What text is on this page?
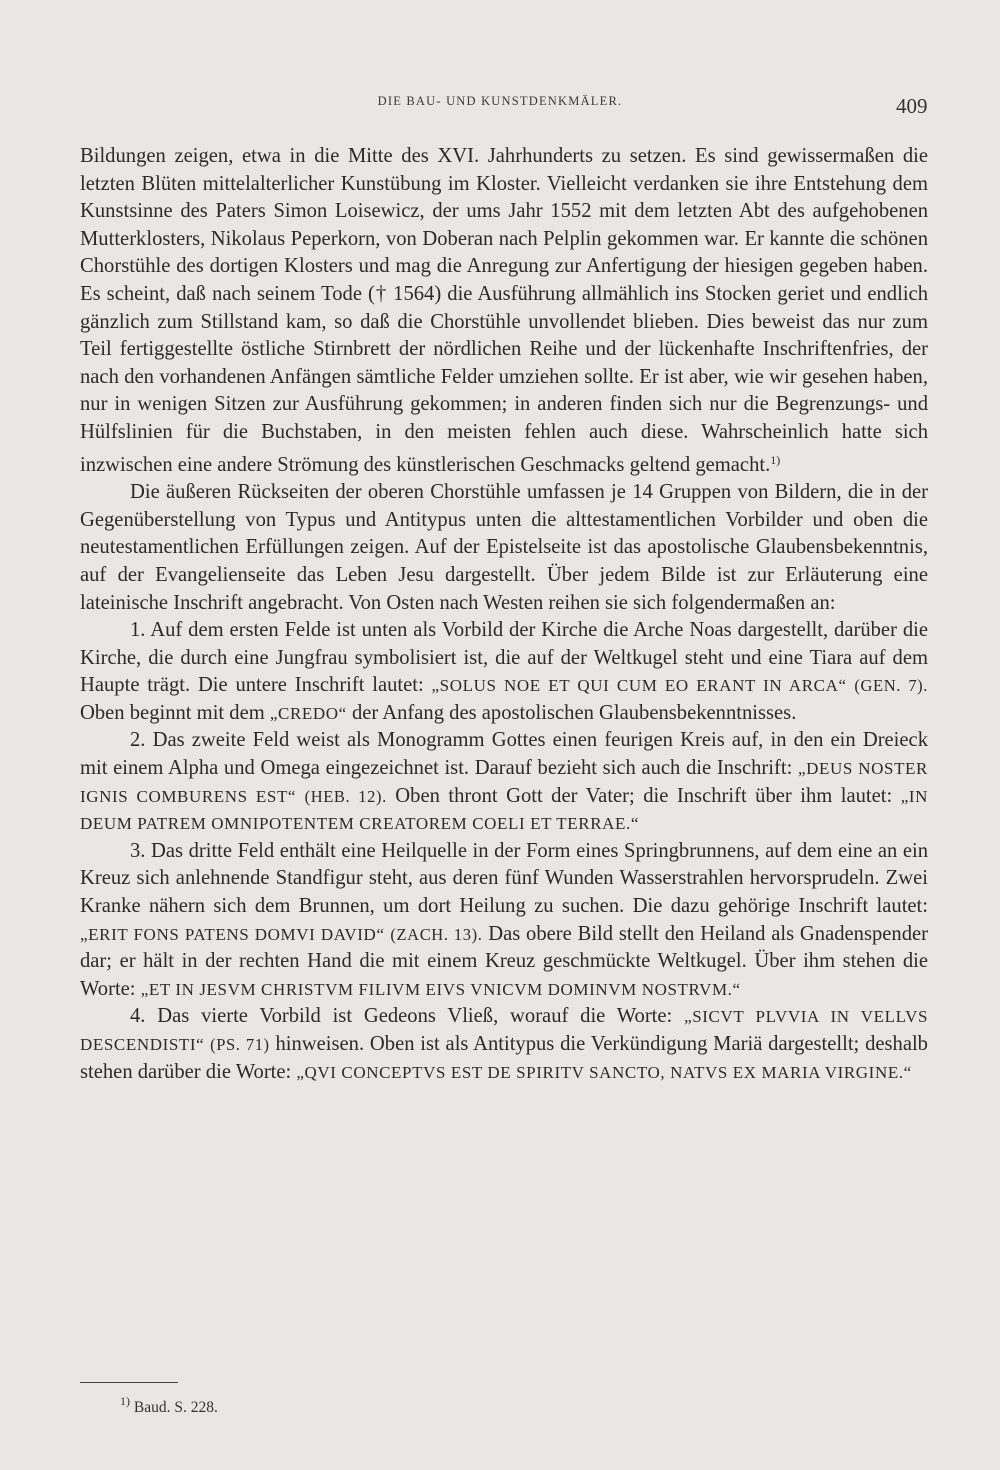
DIE BAU- UND KUNSTDENKMÄLER.	409

Bildungen zeigen, etwa in die Mitte des XVI. Jahrhunderts zu setzen. Es sind gewissermaßen die letzten Blüten mittelalterlicher Kunstübung im Kloster. Vielleicht verdanken sie ihre Entstehung dem Kunstsinne des Paters Simon Loisewicz, der ums Jahr 1552 mit dem letzten Abt des aufgehobenen Mutterklosters, Nikolaus Peperkorn, von Doberan nach Pelplin gekommen war. Er kannte die schönen Chorstühle des dortigen Klosters und mag die Anregung zur Anfertigung der hiesigen gegeben haben. Es scheint, daß nach seinem Tode († 1564) die Ausführung allmählich ins Stocken geriet und endlich gänzlich zum Stillstand kam, so daß die Chorstühle unvollendet blieben. Dies beweist das nur zum Teil fertiggestellte östliche Stirnbrett der nördlichen Reihe und der lückenhafte Inschriftenfries, der nach den vorhandenen Anfängen sämtliche Felder umziehen sollte. Er ist aber, wie wir gesehen haben, nur in wenigen Sitzen zur Ausführung gekommen; in anderen finden sich nur die Begrenzungs- und Hülfslinien für die Buchstaben, in den meisten fehlen auch diese. Wahrscheinlich hatte sich inzwischen eine andere Strömung des künstlerischen Geschmacks geltend gemacht.$^{1)}$

Die äußeren Rückseiten der oberen Chorstühle umfassen je 14 Gruppen von Bildern, die in der Gegenüberstellung von Typus und Antitypus unten die alttestamentlichen Vorbilder und oben die neutestamentlichen Erfüllungen zeigen. Auf der Epistelseite ist das apostolische Glaubensbekenntnis, auf der Evangelienseite das Leben Jesu dargestellt. Über jedem Bilde ist zur Erläuterung eine lateinische Inschrift angebracht. Von Osten nach Westen reihen sie sich folgendermaßen an:

1. Auf dem ersten Felde ist unten als Vorbild der Kirche die Arche Noas dargestellt, darüber die Kirche, die durch eine Jungfrau symbolisiert ist, die auf der Weltkugel steht und eine Tiara auf dem Haupte trägt. Die untere Inschrift lautet: „SOLUS NOE ET QUI CUM EO ERANT IN ARCA“ (GEN. 7). Oben beginnt mit dem „CREDO“ der Anfang des apostolischen Glaubensbekenntnisses.

2. Das zweite Feld weist als Monogramm Gottes einen feurigen Kreis auf, in den ein Dreieck mit einem Alpha und Omega eingezeichnet ist. Darauf bezieht sich auch die Inschrift: „DEUS NOSTER IGNIS COMBURENS EST“ (HEB. 12). Oben thront Gott der Vater; die Inschrift über ihm lautet: „IN DEUM PATREM OMNIPOTENTEM CREATOREM COELI ET TERRAE.“

3. Das dritte Feld enthält eine Heilquelle in der Form eines Springbrunnens, auf dem eine an ein Kreuz sich anlehnende Standfigur steht, aus deren fünf Wunden Wasserstrahlen hervorsprudeln. Zwei Kranke nähern sich dem Brunnen, um dort Heilung zu suchen. Die dazu gehörige Inschrift lautet: „ERIT FONS PATENS DOMVI DAVID“ (ZACH. 13). Das obere Bild stellt den Heiland als Gnadenspender dar; er hält in der rechten Hand die mit einem Kreuz geschmückte Weltkugel. Über ihm stehen die Worte: „ET IN JESVM CHRISTVM FILIVM EIVS VNICVM DOMINVM NOSTRVM.“

4. Das vierte Vorbild ist Gedeons Vließ, worauf die Worte: „SICVT PLVVIA IN VELLVS DESCENDISTI“ (PS. 71) hinweisen. Oben ist als Antitypus die Verkündigung Mariä dargestellt; deshalb stehen darüber die Worte: „QVI CONCEPTVS EST DE SPIRITV SANCTO, NATVS EX MARIA VIRGINE.“

$^{1)}$ Baud. S. 228.
